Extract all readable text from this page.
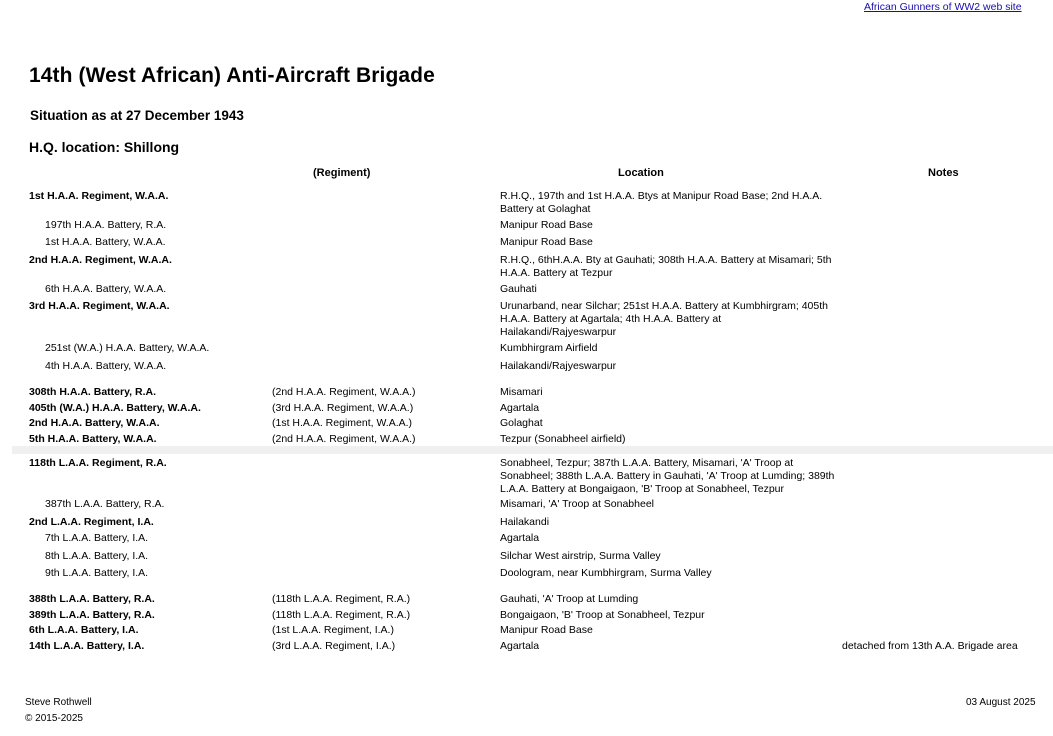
African Gunners of WW2 web site
14th (West African) Anti-Aircraft Brigade
Situation as at 27 December 1943
H.Q. location: Shillong
(Regiment)	Location	Notes
1st H.A.A. Regiment, W.A.A.	R.H.Q., 197th and 1st H.A.A. Btys at Manipur Road Base; 2nd H.A.A. Battery at Golaghat
197th H.A.A. Battery, R.A.	Manipur Road Base
1st H.A.A. Battery, W.A.A.	Manipur Road Base
2nd H.A.A. Regiment, W.A.A.	R.H.Q., 6thH.A.A. Bty at Gauhati; 308th H.A.A. Battery at Misamari; 5th H.A.A. Battery at Tezpur
6th H.A.A. Battery, W.A.A.	Gauhati
3rd H.A.A. Regiment, W.A.A.	Urunarband, near Silchar; 251st H.A.A. Battery at Kumbhirgram; 405th H.A.A. Battery at Agartala; 4th H.A.A. Battery at Hailakandi/Rajyeswarpur
251st (W.A.) H.A.A. Battery, W.A.A.	Kumbhirgram Airfield
4th H.A.A. Battery, W.A.A.	Hailakandi/Rajyeswarpur
308th H.A.A. Battery, R.A.	(2nd H.A.A. Regiment, W.A.A.)	Misamari
405th (W.A.) H.A.A. Battery, W.A.A.	(3rd H.A.A. Regiment, W.A.A.)	Agartala
2nd H.A.A. Battery, W.A.A.	(1st H.A.A. Regiment, W.A.A.)	Golaghat
5th H.A.A. Battery, W.A.A.	(2nd H.A.A. Regiment, W.A.A.)	Tezpur (Sonabheel airfield)
118th L.A.A. Regiment, R.A.	Sonabheel, Tezpur; 387th L.A.A. Battery, Misamari, 'A' Troop at Sonabheel; 388th L.A.A. Battery in Gauhati, 'A' Troop at Lumding; 389th L.A.A. Battery at Bongaigaon, 'B' Troop at Sonabheel, Tezpur
387th L.A.A. Battery, R.A.	Misamari, 'A' Troop at Sonabheel
2nd L.A.A. Regiment, I.A.	Hailakandi
7th L.A.A. Battery, I.A.	Agartala
8th L.A.A. Battery, I.A.	Silchar West airstrip, Surma Valley
9th L.A.A. Battery, I.A.	Doologram, near Kumbhirgram, Surma Valley
388th L.A.A. Battery, R.A.	(118th L.A.A. Regiment, R.A.)	Gauhati, 'A' Troop at Lumding
389th L.A.A. Battery, R.A.	(118th L.A.A. Regiment, R.A.)	Bongaigaon, 'B' Troop at Sonabheel, Tezpur
6th L.A.A. Battery, I.A.	(1st L.A.A. Regiment, I.A.)	Manipur Road Base
14th L.A.A. Battery, I.A.	(3rd L.A.A. Regiment, I.A.)	Agartala	detached from 13th A.A. Brigade area
Steve Rothwell
© 2015-2025
03 August 2025
